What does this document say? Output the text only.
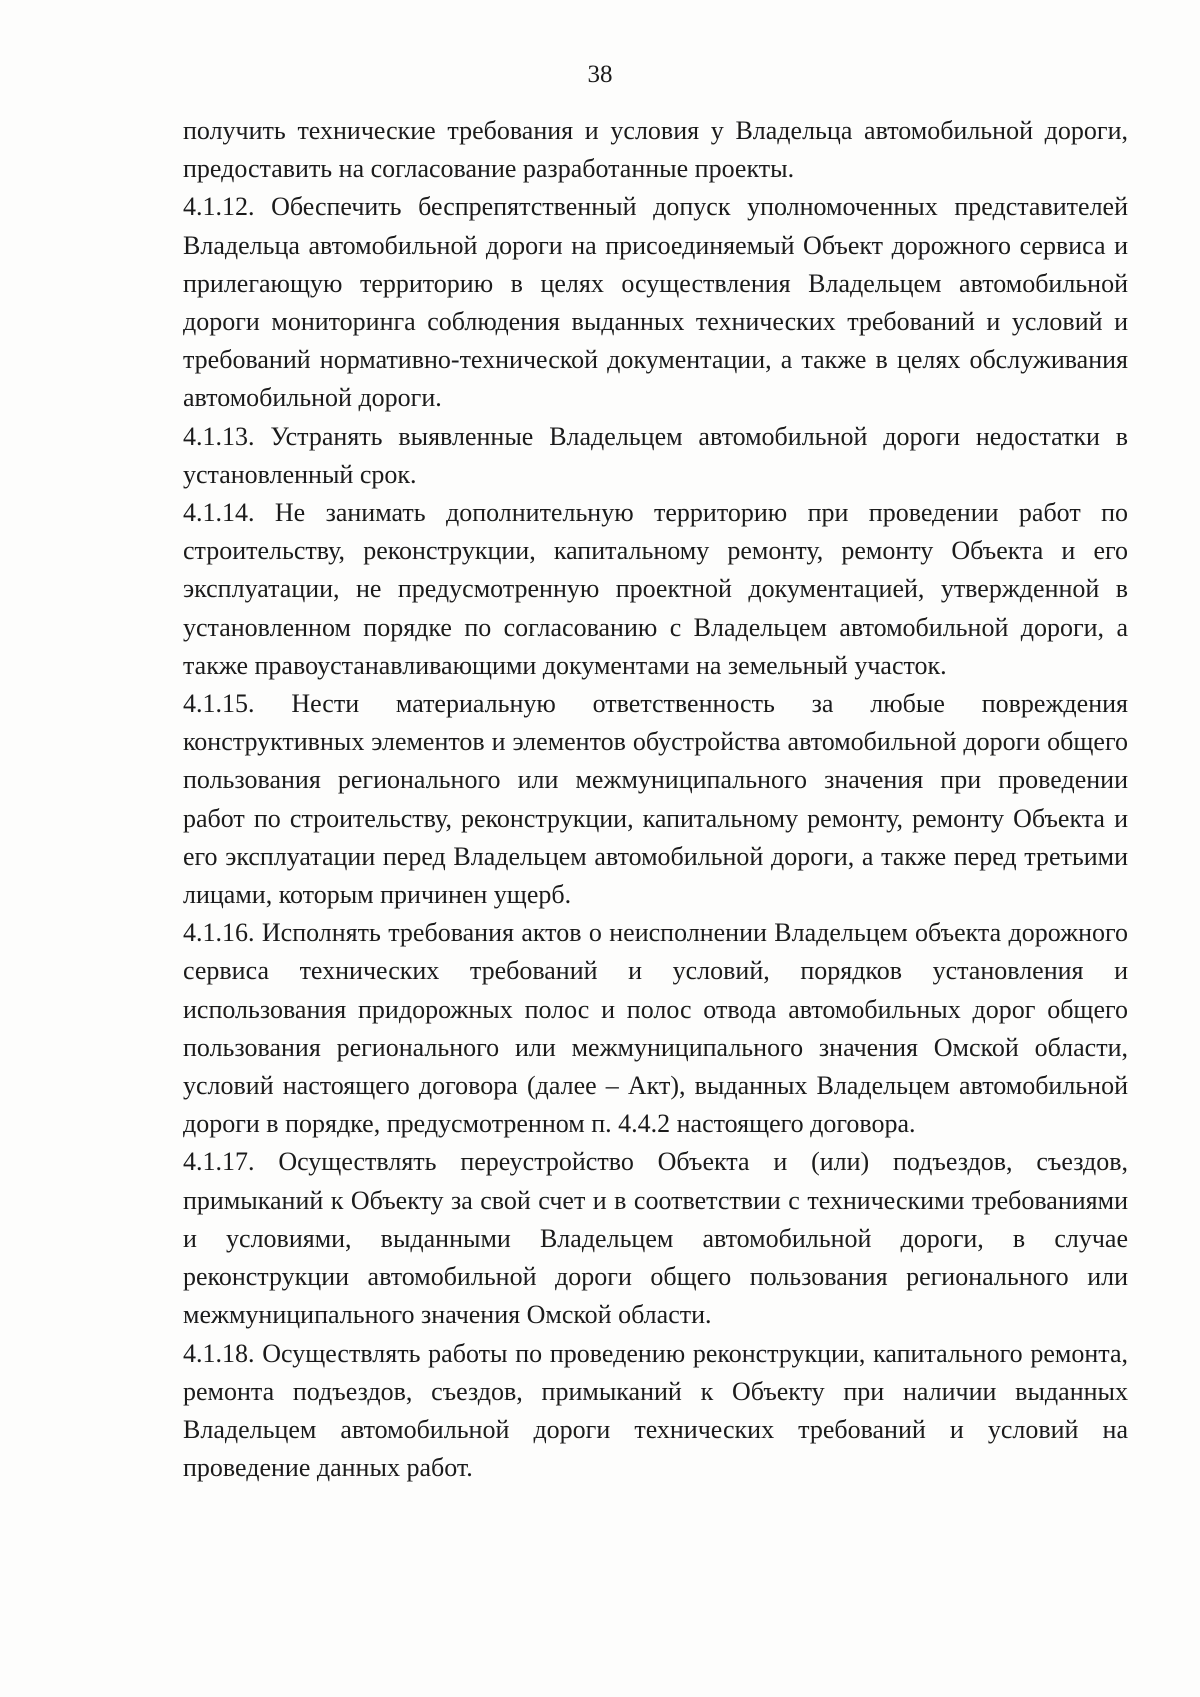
38

получить технические требования и условия у Владельца автомобильной дороги, предоставить на согласование разработанные проекты.

4.1.12. Обеспечить беспрепятственный допуск уполномоченных представителей Владельца автомобильной дороги на присоединяемый Объект дорожного сервиса и прилегающую территорию в целях осуществления Владельцем автомобильной дороги мониторинга соблюдения выданных технических требований и условий и требований нормативно-технической документации, а также в целях обслуживания автомобильной дороги.

4.1.13. Устранять выявленные Владельцем автомобильной дороги недостатки в установленный срок.

4.1.14. Не занимать дополнительную территорию при проведении работ по строительству, реконструкции, капитальному ремонту, ремонту Объекта и его эксплуатации, не предусмотренную проектной документацией, утвержденной в установленном порядке по согласованию с Владельцем автомобильной дороги, а также правоустанавливающими документами на земельный участок.

4.1.15. Нести материальную ответственность за любые повреждения конструктивных элементов и элементов обустройства автомобильной дороги общего пользования регионального или межмуниципального значения при проведении работ по строительству, реконструкции, капитальному ремонту, ремонту Объекта и его эксплуатации перед Владельцем автомобильной дороги, а также перед третьими лицами, которым причинен ущерб.

4.1.16. Исполнять требования актов о неисполнении Владельцем объекта дорожного сервиса технических требований и условий, порядков установления и использования придорожных полос и полос отвода автомобильных дорог общего пользования регионального или межмуниципального значения Омской области, условий настоящего договора (далее – Акт), выданных Владельцем автомобильной дороги в порядке, предусмотренном п. 4.4.2 настоящего договора.

4.1.17. Осуществлять переустройство Объекта и (или) подъездов, съездов, примыканий к Объекту за свой счет и в соответствии с техническими требованиями и условиями, выданными Владельцем автомобильной дороги, в случае реконструкции автомобильной дороги общего пользования регионального или межмуниципального значения Омской области.

4.1.18. Осуществлять работы по проведению реконструкции, капитального ремонта, ремонта подъездов, съездов, примыканий к Объекту при наличии выданных Владельцем автомобильной дороги технических требований и условий на проведение данных работ.
